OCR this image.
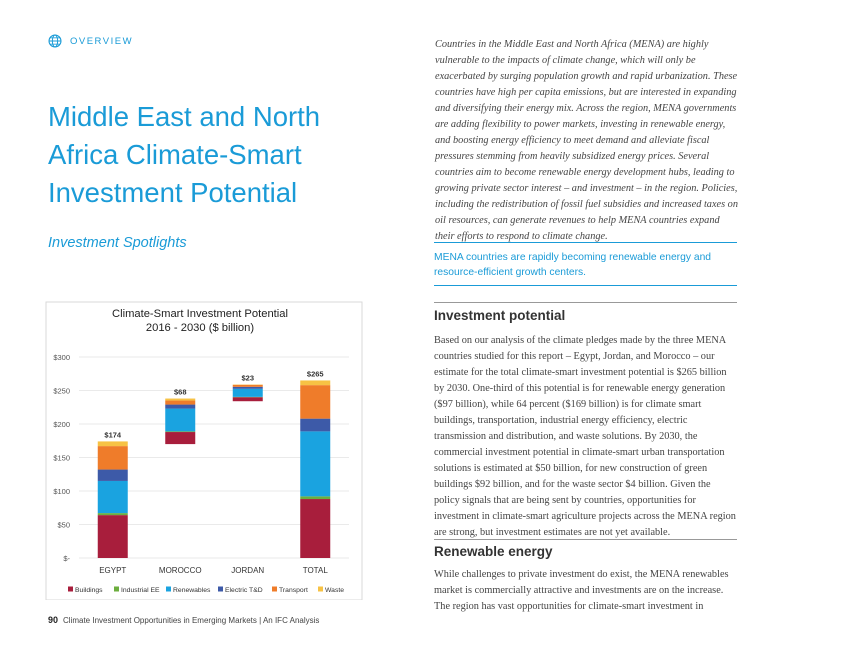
OVERVIEW
Middle East and North Africa Climate-Smart Investment Potential
Investment Spotlights
Climate-Smart Investment Potential
2016 - 2030 ($ billion)
$-
$50
$100
$150
$200
$250
$300
$174
EGYPT
$68
MOROCCO
$23
JORDAN
$265
TOTAL
Buildings	Industrial EE Renewables Electric T&D Transport	Waste

Countries in the Middle East and North Africa (MENA) are highly vulnerable to the impacts of climate change, which will only be exacerbated by surging population growth and rapid urbanization. These countries have high per capita emissions, but are interested in expanding and diversifying their energy mix. Across the region, MENA governments are adding flexibility to power markets, investing in renewable energy, and boosting energy efficiency to meet demand and alleviate fiscal pressures stemming from heavily subsidized energy prices. Several countries aim to become renewable energy development hubs, leading to growing private sector interest – and investment – in the region. Policies, including the redistribution of fossil fuel subsidies and increased taxes on oil resources, can generate revenues to help MENA countries expand their efforts to respond to climate change.

MENA countries are rapidly becoming renewable energy and resource-efficient growth centers.
Investment potential

Based on our analysis of the climate pledges made by the three MENA countries studied for this report – Egypt, Jordan, and Morocco – our estimate for the total climate-smart investment potential is $265 billion by 2030. One-third of this potential is for renewable energy generation ($97 billion), while 64 percent ($169 billion) is for climate smart buildings, transportation, industrial energy efficiency, electric transmission and distribution, and waste solutions. By 2030, the commercial investment potential in climate-smart urban transportation solutions is estimated at $50 billion, for new construction of green buildings $92 billion, and for the waste sector $4 billion. Given the policy signals that are being sent by countries, opportunities for investment in climate-smart agriculture projects across the MENA region are strong, but investment estimates are not yet available.

Renewable energy

While challenges to private investment do exist, the MENA renewables market is commercially attractive and investments are on the increase. The region has vast opportunities for climate-smart investment in

90 Climate Investment Opportunities in Emerging Markets | An IFC Analysis
